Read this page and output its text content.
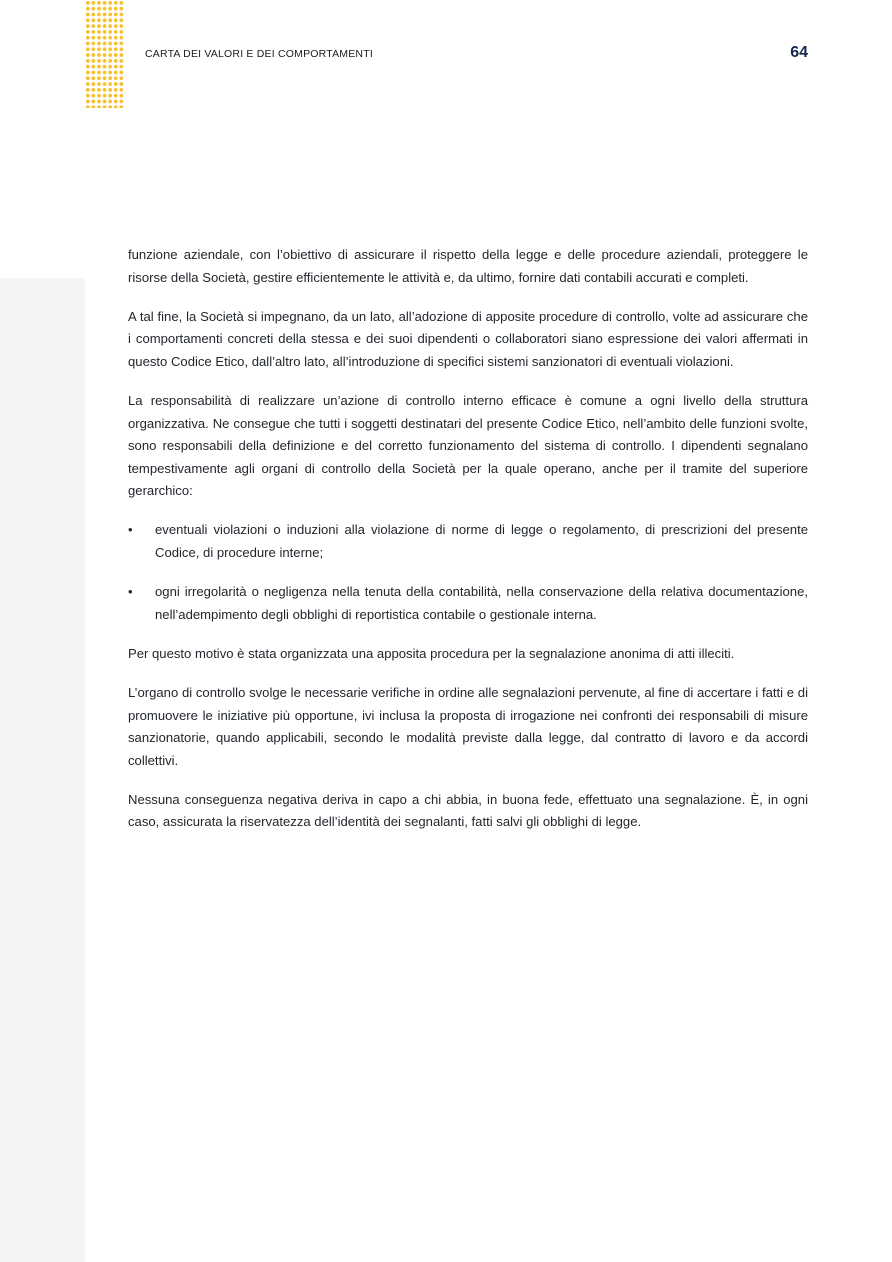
CARTA DEI VALORI E DEI COMPORTAMENTI	64

funzione aziendale, con l’obiettivo di assicurare il rispetto della legge e delle procedure aziendali, proteggere le risorse della Società, gestire efficientemente le attività e, da ultimo, fornire dati contabili accurati e completi.

A tal fine, la Società si impegnano, da un lato, all’adozione di apposite procedure di controllo, volte ad assicurare che i comportamenti concreti della stessa e dei suoi dipendenti o collaboratori siano espressione dei valori affermati in questo Codice Etico, dall’altro lato, all’introduzione di specifici sistemi sanzionatori di eventuali violazioni.

La responsabilità di realizzare un’azione di controllo interno efficace è comune a ogni livello della struttura organizzativa. Ne consegue che tutti i soggetti destinatari del presente Codice Etico, nell’ambito delle funzioni svolte, sono responsabili della definizione e del corretto funzionamento del sistema di controllo. I dipendenti segnalano tempestivamente agli organi di controllo della Società per la quale operano, anche per il tramite del superiore gerarchico:

• eventuali violazioni o induzioni alla violazione di norme di legge o regolamento, di prescrizioni del presente Codice, di procedure interne;
• ogni irregolarità o negligenza nella tenuta della contabilità, nella conservazione della relativa documentazione, nell’adempimento degli obblighi di reportistica contabile o gestionale interna.

Per questo motivo è stata organizzata una apposita procedura per la segnalazione anonima di atti illeciti.

L’organo di controllo svolge le necessarie verifiche in ordine alle segnalazioni pervenute, al fine di accertare i fatti e di promuovere le iniziative più opportune, ivi inclusa la proposta di irrogazione nei confronti dei responsabili di misure sanzionatorie, quando applicabili, secondo le modalità previste dalla legge, dal contratto di lavoro e da accordi collettivi.

Nessuna conseguenza negativa deriva in capo a chi abbia, in buona fede, effettuato una segnalazione. È, in ogni caso, assicurata la riservatezza dell’identità dei segnalanti, fatti salvi gli obblighi di legge.
